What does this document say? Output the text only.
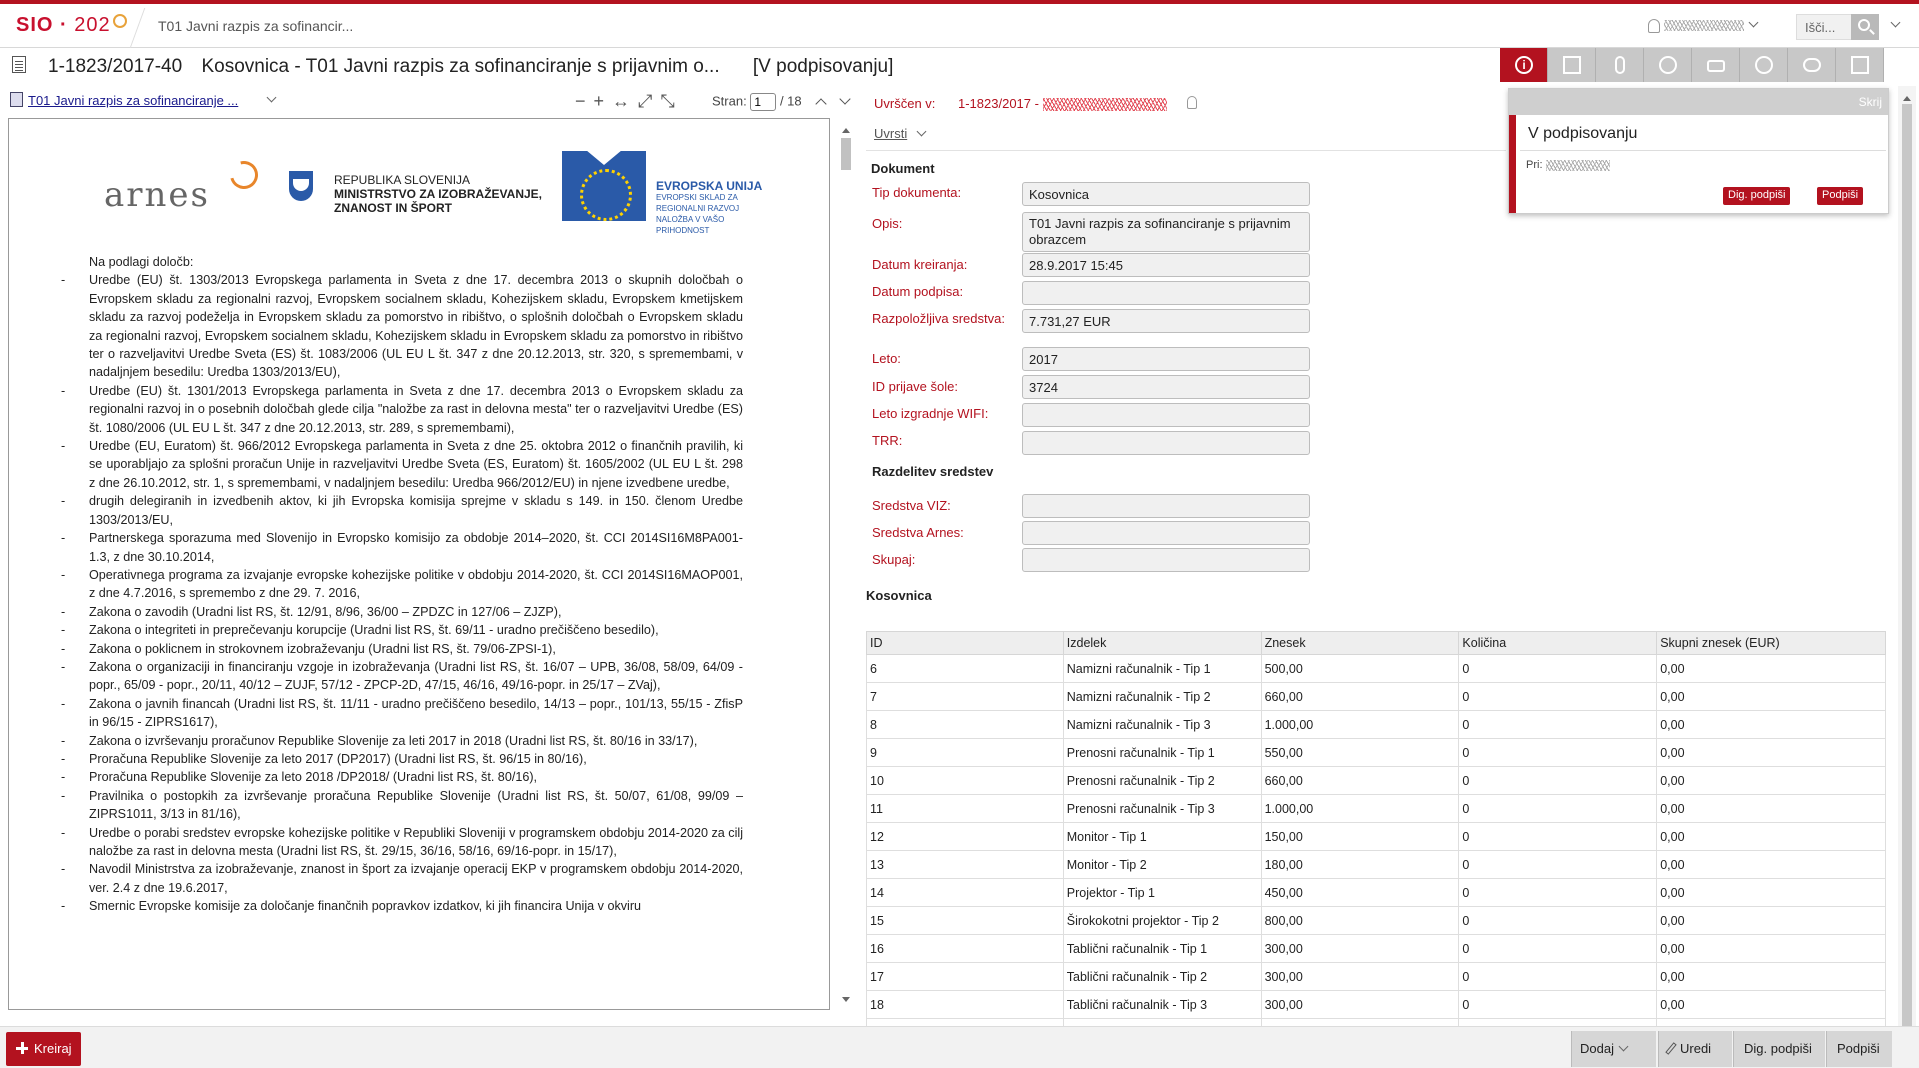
SIO · 202	T01 Javni razpis za sofinancir...	Išči...
1-1823/2017-40 Kosovnica - T01 Javni razpis za sofinanciranje s prijavnim o... [V podpisovanju]	i
T01 Javni razpis za sofinanciranje ...	−+↔⤢⤡ Stran: 1	/ 18
arnes	REPUBLIKA SLOVENIJA
MINISTRSTVO ZA IZOBRAŽEVANJE,
ZNANOST IN ŠPORT
EVROPSKA UNIJA
EVROPSKI SKLAD ZA
REGIONALNI RAZVOJ
NALOŽBA V VAŠO PRIHODNOST
Na podlagi določb:
- Uredbe (EU) št. 1303/2013 Evropskega parlamenta in Sveta z dne 17. decembra 2013 o skupnih določbah o Evropskem skladu za regionalni razvoj, Evropskem socialnem skladu, Kohezijskem skladu, Evropskem kmetijskem skladu za razvoj podeželja in Evropskem skladu za pomorstvo in ribištvo, o splošnih določbah o Evropskem skladu za regionalni razvoj, Evropskem socialnem skladu, Kohezijskem skladu in Evropskem skladu za pomorstvo in ribištvo ter o razveljavitvi Uredbe Sveta (ES) št. 1083/2006 (UL EU L št. 347 z dne 20.12.2013, str. 320, s spremembami, v nadaljnjem besedilu: Uredba 1303/2013/EU),
- Uredbe (EU) št. 1301/2013 Evropskega parlamenta in Sveta z dne 17. decembra 2013 o Evropskem skladu za regionalni razvoj in o posebnih določbah glede cilja "naložbe za rast in delovna mesta" ter o razveljavitvi Uredbe (ES) št. 1080/2006 (UL EU L št. 347 z dne 20.12.2013, str. 289, s spremembami),
- Uredbe (EU, Euratom) št. 966/2012 Evropskega parlamenta in Sveta z dne 25. oktobra 2012 o finančnih pravilih, ki se uporabljajo za splošni proračun Unije in razveljavitvi Uredbe Sveta (ES, Euratom) št. 1605/2002 (UL EU L št. 298 z dne 26.10.2012, str. 1, s spremembami, v nadaljnjem besedilu: Uredba 966/2012/EU) in njene izvedbene uredbe,
- drugih delegiranih in izvedbenih aktov, ki jih Evropska komisija sprejme v skladu s 149. in 150. členom Uredbe 1303/2013/EU,
- Partnerskega sporazuma med Slovenijo in Evropsko komisijo za obdobje 2014–2020, št. CCI 2014SI16M8PA001-1.3, z dne 30.10.2014,
- Operativnega programa za izvajanje evropske kohezijske politike v obdobju 2014-2020, št. CCI 2014SI16MAOP001, z dne 4.7.2016, s spremembo z dne 29. 7. 2016,
- Zakona o zavodih (Uradni list RS, št. 12/91, 8/96, 36/00 – ZPDZC in 127/06 – ZJZP),
- Zakona o integriteti in preprečevanju korupcije (Uradni list RS, št. 69/11 - uradno prečiščeno besedilo),
- Zakona o poklicnem in strokovnem izobraževanju (Uradni list RS, št. 79/06-ZPSI-1),
- Zakona o organizaciji in financiranju vzgoje in izobraževanja (Uradni list RS, št. 16/07 – UPB, 36/08, 58/09, 64/09 - popr., 65/09 - popr., 20/11, 40/12 – ZUJF, 57/12 - ZPCP-2D, 47/15, 46/16, 49/16-popr. in 25/17 – ZVaj),
- Zakona o javnih financah (Uradni list RS, št. 11/11 - uradno prečiščeno besedilo, 14/13 – popr., 101/13, 55/15 - ZfisP in 96/15 - ZIPRS1617),
- Zakona o izvrševanju proračunov Republike Slovenije za leti 2017 in 2018 (Uradni list RS, št. 80/16 in 33/17),
- Proračuna Republike Slovenije za leto 2017 (DP2017) (Uradni list RS, št. 96/15 in 80/16),
- Proračuna Republike Slovenije za leto 2018 /DP2018/ (Uradni list RS, št. 80/16),
- Pravilnika o postopkih za izvrševanje proračuna Republike Slovenije (Uradni list RS, št. 50/07, 61/08, 99/09 – ZIPRS1011, 3/13 in 81/16),
- Uredbe o porabi sredstev evropske kohezijske politike v Republiki Sloveniji v programskem obdobju 2014-2020 za cilj naložbe za rast in delovna mesta (Uradni list RS, št. 29/15, 36/16, 58/16, 69/16-popr. in 15/17),
- Navodil Ministrstva za izobraževanje, znanost in šport za izvajanje operacij EKP v programskem obdobju 2014-2020, ver. 2.4 z dne 19.6.2017,
- Smernic Evropske komisije za določanje finančnih popravkov izdatkov, ki jih financira Unija v okviru
Uvrščen v: 1-1823/2017 -
Uvrsti
Dokument
Tip dokumenta:	Kosovnica
Opis:	T01 Javni razpis za sofinanciranje s prijavnim obrazcem
Datum kreiranja:	28.9.2017 15:45
Datum podpisa:
Razpoložljiva sredstva:	7.731,27 EUR
Leto:	2017
ID prijave šole:	3724
Leto izgradnje WIFI:
TRR:
Sredstva VIZ:
Sredstva Arnes:
Skupaj:
Razdelitev sredstev
Kosovnica
ID	Izdelek	Znesek	Količina	Skupni znesek (EUR)
6	Namizni računalnik - Tip 1	500,00	0	0,00
7	Namizni računalnik - Tip 2	660,00	0	0,00
8	Namizni računalnik - Tip 3	1.000,00	0	0,00
9	Prenosni računalnik - Tip 1	550,00	0	0,00
10	Prenosni računalnik - Tip 2	660,00	0	0,00
11	Prenosni računalnik - Tip 3	1.000,00	0	0,00
12	Monitor - Tip 1	150,00	0	0,00
13	Monitor - Tip 2	180,00	0	0,00
14	Projektor - Tip 1	450,00	0	0,00
15	Širokokotni projektor - Tip 2	800,00	0	0,00
16	Tablični računalnik - Tip 1	300,00	0	0,00
17	Tablični računalnik - Tip 2	300,00	0	0,00
18	Tablični računalnik - Tip 3	300,00	0	0,00

Skrij
V podpisovanju
Pri:
Dig. podpiši	Podpiši
Kreiraj	Dodaj	Uredi	Dig. podpiši	Podpiši
